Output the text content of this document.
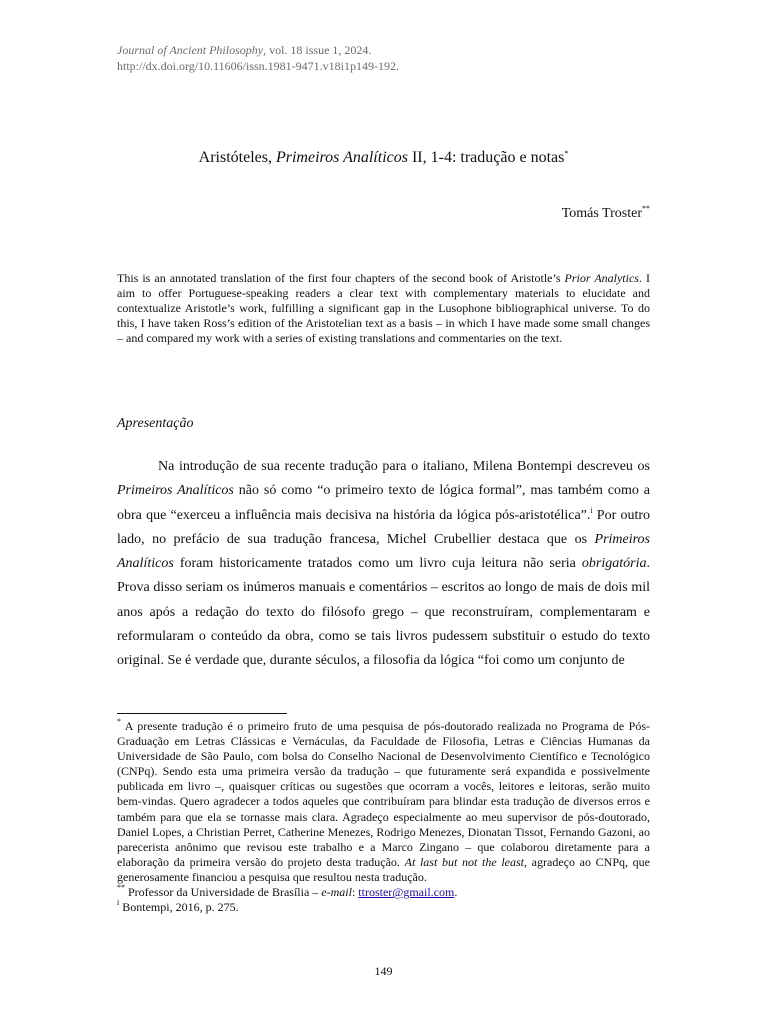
Journal of Ancient Philosophy, vol. 18 issue 1, 2024.
http://dx.doi.org/10.11606/issn.1981-9471.v18i1p149-192.
Aristóteles, Primeiros Analíticos II, 1-4: tradução e notas*
Tomás Troster**

This is an annotated translation of the first four chapters of the second book of Aristotle’s Prior Analytics. I aim to offer Portuguese-speaking readers a clear text with complementary materials to elucidate and contextualize Aristotle’s work, fulfilling a significant gap in the Lusophone bibliographical universe. To do this, I have taken Ross’s edition of the Aristotelian text as a basis – in which I have made some small changes – and compared my work with a series of existing translations and commentaries on the text.

Apresentação

Na introdução de sua recente tradução para o italiano, Milena Bontempi descreveu os Primeiros Analíticos não só como “o primeiro texto de lógica formal”, mas também como a obra que “exerceu a influência mais decisiva na história da lógica pós-aristotélica”.$^i$ Por outro lado, no prefácio de sua tradução francesa, Michel Crubellier destaca que os Primeiros Analíticos foram historicamente tratados como um livro cuja leitura não seria obrigatória. Prova disso seriam os inúmeros manuais e comentários – escritos ao longo de mais de dois mil anos após a redação do texto do filósofo grego – que reconstruíram, complementaram e reformularam o conteúdo da obra, como se tais livros pudessem substituir o estudo do texto original. Se é verdade que, durante séculos, a filosofia da lógica “foi como um conjunto de

* A presente tradução é o primeiro fruto de uma pesquisa de pós-doutorado realizada no Programa de Pós-Graduação em Letras Clássicas e Vernáculas, da Faculdade de Filosofia, Letras e Ciências Humanas da Universidade de São Paulo, com bolsa do Conselho Nacional de Desenvolvimento Científico e Tecnológico (CNPq). Sendo esta uma primeira versão da tradução – que futuramente será expandida e possivelmente publicada em livro –, quaisquer críticas ou sugestões que ocorram a vocês, leitores e leitoras, serão muito bem-vindas. Quero agradecer a todos aqueles que contribuíram para blindar esta tradução de diversos erros e também para que ela se tornasse mais clara. Agradeço especialmente ao meu supervisor de pós-doutorado, Daniel Lopes, a Christian Perret, Catherine Menezes, Rodrigo Menezes, Dionatan Tissot, Fernando Gazoni, ao parecerista anônimo que revisou este trabalho e a Marco Zingano – que colaborou diretamente para a elaboração da primeira versão do projeto desta tradução. At last but not the least, agradeço ao CNPq, que generosamente financiou a pesquisa que resultou nesta tradução.

** Professor da Universidade de Brasília – e-mail: ttroster@gmail.com.

$^i$ Bontempi, 2016, p. 275.

149
